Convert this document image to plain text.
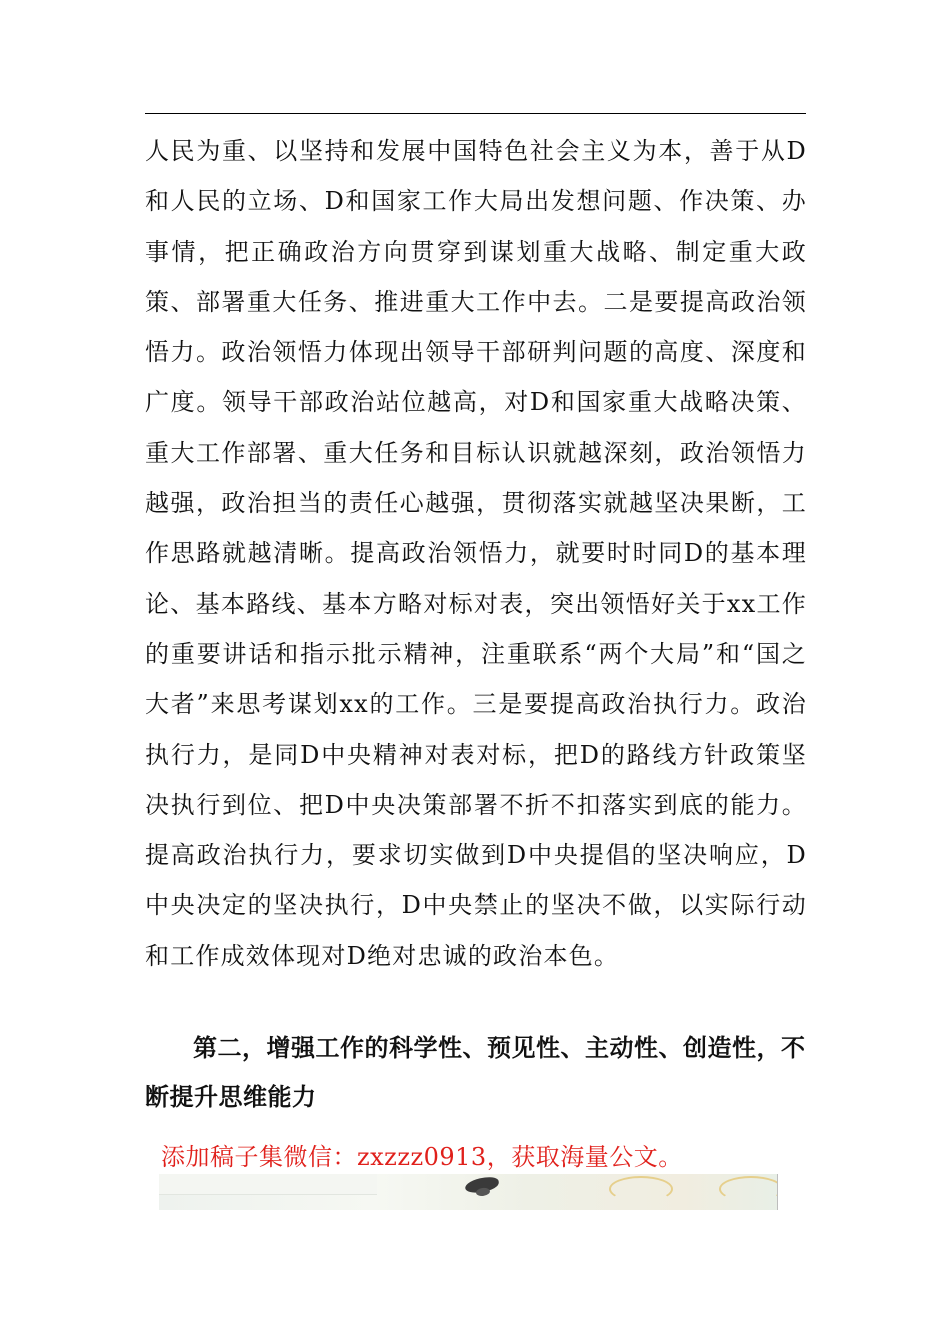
人民为重、以坚持和发展中国特色社会主义为本，善于从D和人民的立场、D和国家工作大局出发想问题、作决策、办事情，把正确政治方向贯穿到谋划重大战略、制定重大政策、部署重大任务、推进重大工作中去。二是要提高政治领悟力。政治领悟力体现出领导干部研判问题的高度、深度和广度。领导干部政治站位越高，对D和国家重大战略决策、重大工作部署、重大任务和目标认识就越深刻，政治领悟力越强，政治担当的责任心越强，贯彻落实就越坚决果断，工作思路就越清晰。提高政治领悟力，就要时时同D的基本理论、基本路线、基本方略对标对表，突出领悟好关于xx工作的重要讲话和指示批示精神，注重联系“两个大局”和“国之大者”来思考谋划xx的工作。三是要提高政治执行力。政治执行力，是同D中央精神对表对标，把D的路线方针政策坚决执行到位、把D中央决策部署不折不扣落实到底的能力。提高政治执行力，要求切实做到D中央提倡的坚决响应，D中央决定的坚决执行，D中央禁止的坚决不做，以实际行动和工作成效体现对D绝对忠诚的政治本色。

第二，增强工作的科学性、预见性、主动性、创造性，不断提升思维能力

添加稿子集微信：zxzzz0913，获取海量公文。
